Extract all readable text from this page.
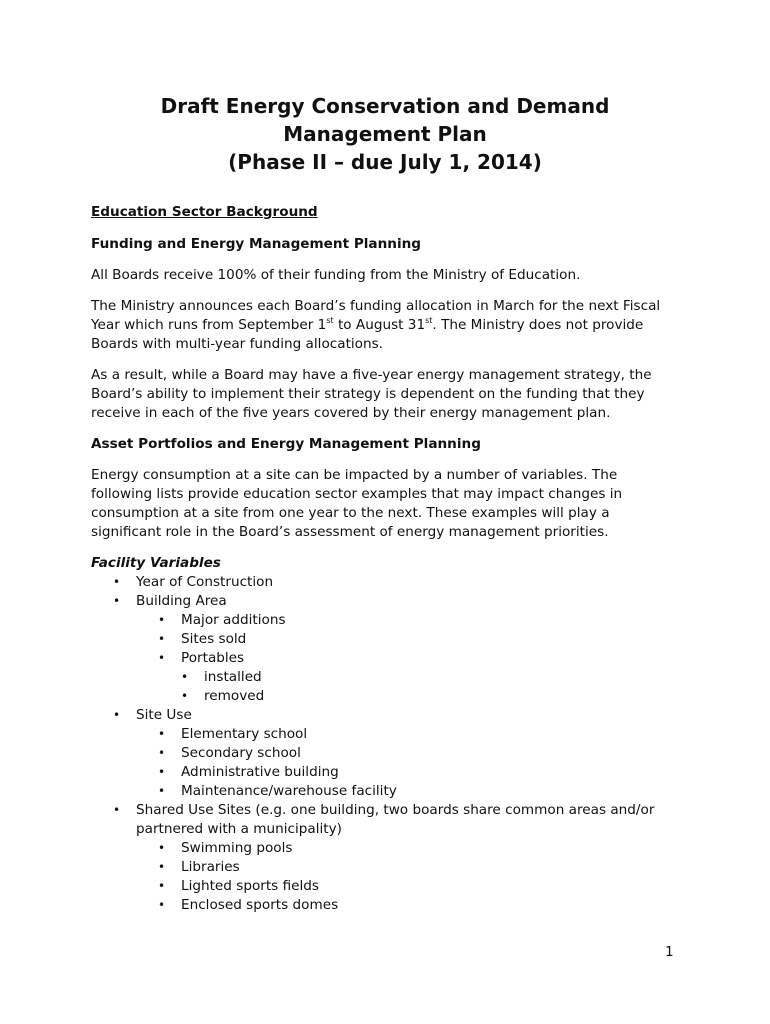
Draft Energy Conservation and Demand
Management Plan
(Phase II – due July 1, 2014)
Education Sector Background
Funding and Energy Management Planning

All Boards receive 100% of their funding from the Ministry of Education.

The Ministry announces each Board’s funding allocation in March for the next Fiscal Year which runs from September 1st to August 31st. The Ministry does not provide Boards with multi-year funding allocations.

As a result, while a Board may have a five-year energy management strategy, the Board’s ability to implement their strategy is dependent on the funding that they receive in each of the five years covered by their energy management plan.

Asset Portfolios and Energy Management Planning

Energy consumption at a site can be impacted by a number of variables. The following lists provide education sector examples that may impact changes in consumption at a site from one year to the next. These examples will play a significant role in the Board’s assessment of energy management priorities.

Facility Variables
• Year of Construction
• Building Area
• Major additions
• Sites sold
• Portables
• installed
• removed
• Site Use
• Elementary school
• Secondary school
• Administrative building
• Maintenance/warehouse facility
• Shared Use Sites (e.g. one building, two boards share common areas and/or partnered with a municipality)
• Swimming pools
• Libraries
• Lighted sports fields
• Enclosed sports domes
1
